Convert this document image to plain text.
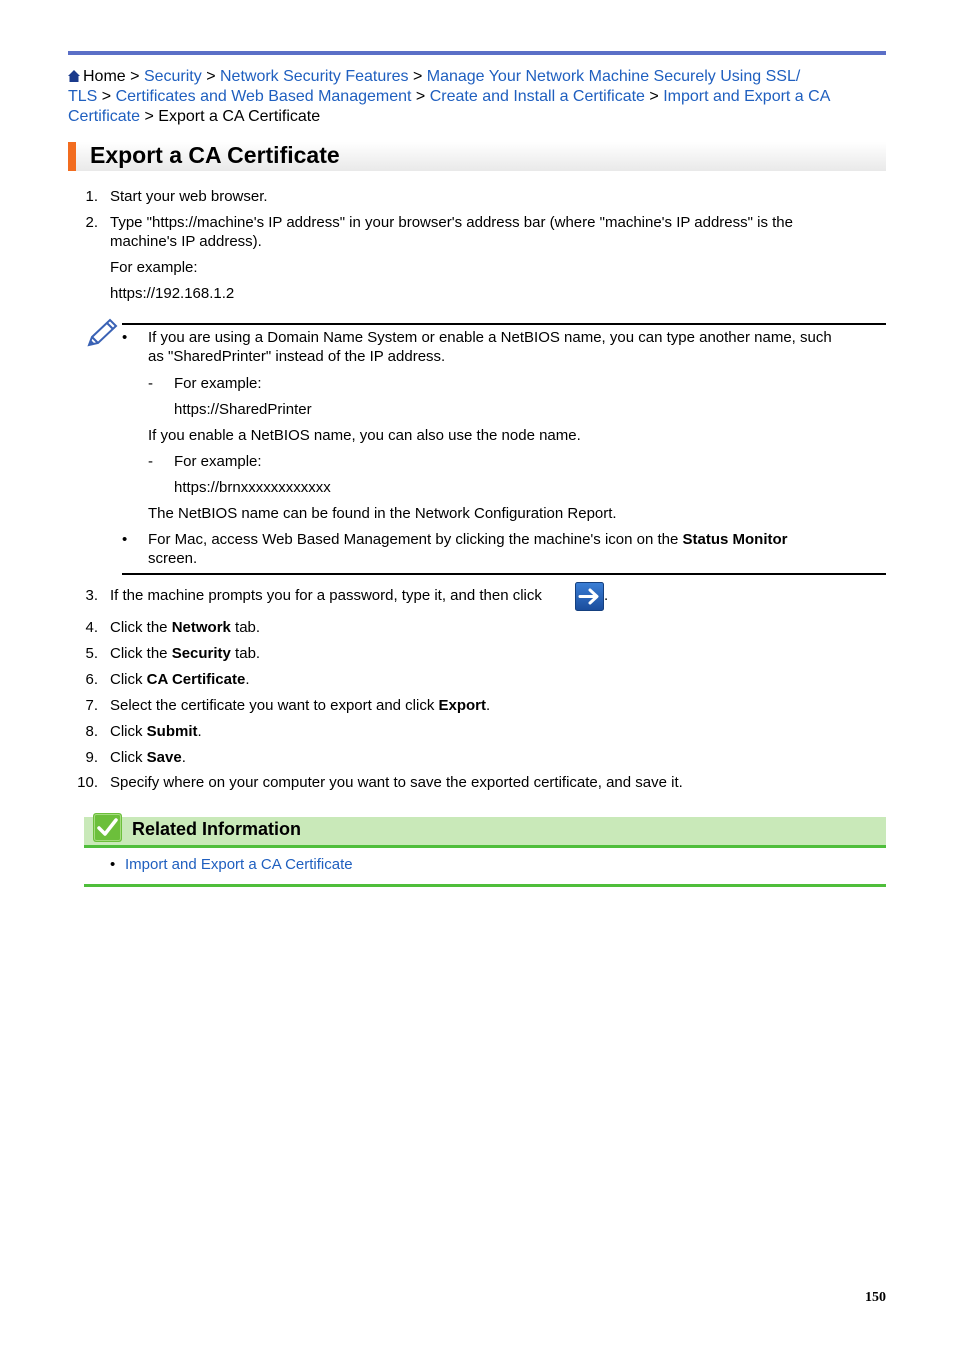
Home > Security > Network Security Features > Manage Your Network Machine Securely Using SSL/
TLS > Certificates and Web Based Management > Create and Install a Certificate > Import and Export a CA
Certificate > Export a CA Certificate
Export a CA Certificate
1. Start your web browser.
2. Type "https://machine's IP address" in your browser's address bar (where "machine's IP address" is the
machine's IP address).
For example:
https://192.168.1.2
• If you are using a Domain Name System or enable a NetBIOS name, you can type another name, such
as "SharedPrinter" instead of the IP address.
- For example:
https://SharedPrinter
If you enable a NetBIOS name, you can also use the node name.
- For example:
https://brnxxxxxxxxxxxx
The NetBIOS name can be found in the Network Configuration Report.
• For Mac, access Web Based Management by clicking the machine's icon on the Status Monitor
screen.
3. If the machine prompts you for a password, type it, and then click	.
4. Click the Network tab.
5. Click the Security tab.
6. Click CA Certificate.
7. Select the certificate you want to export and click Export.
8. Click Submit.
9. Click Save.
10. Specify where on your computer you want to save the exported certificate, and save it.
Related Information
• Import and Export a CA Certificate
150
